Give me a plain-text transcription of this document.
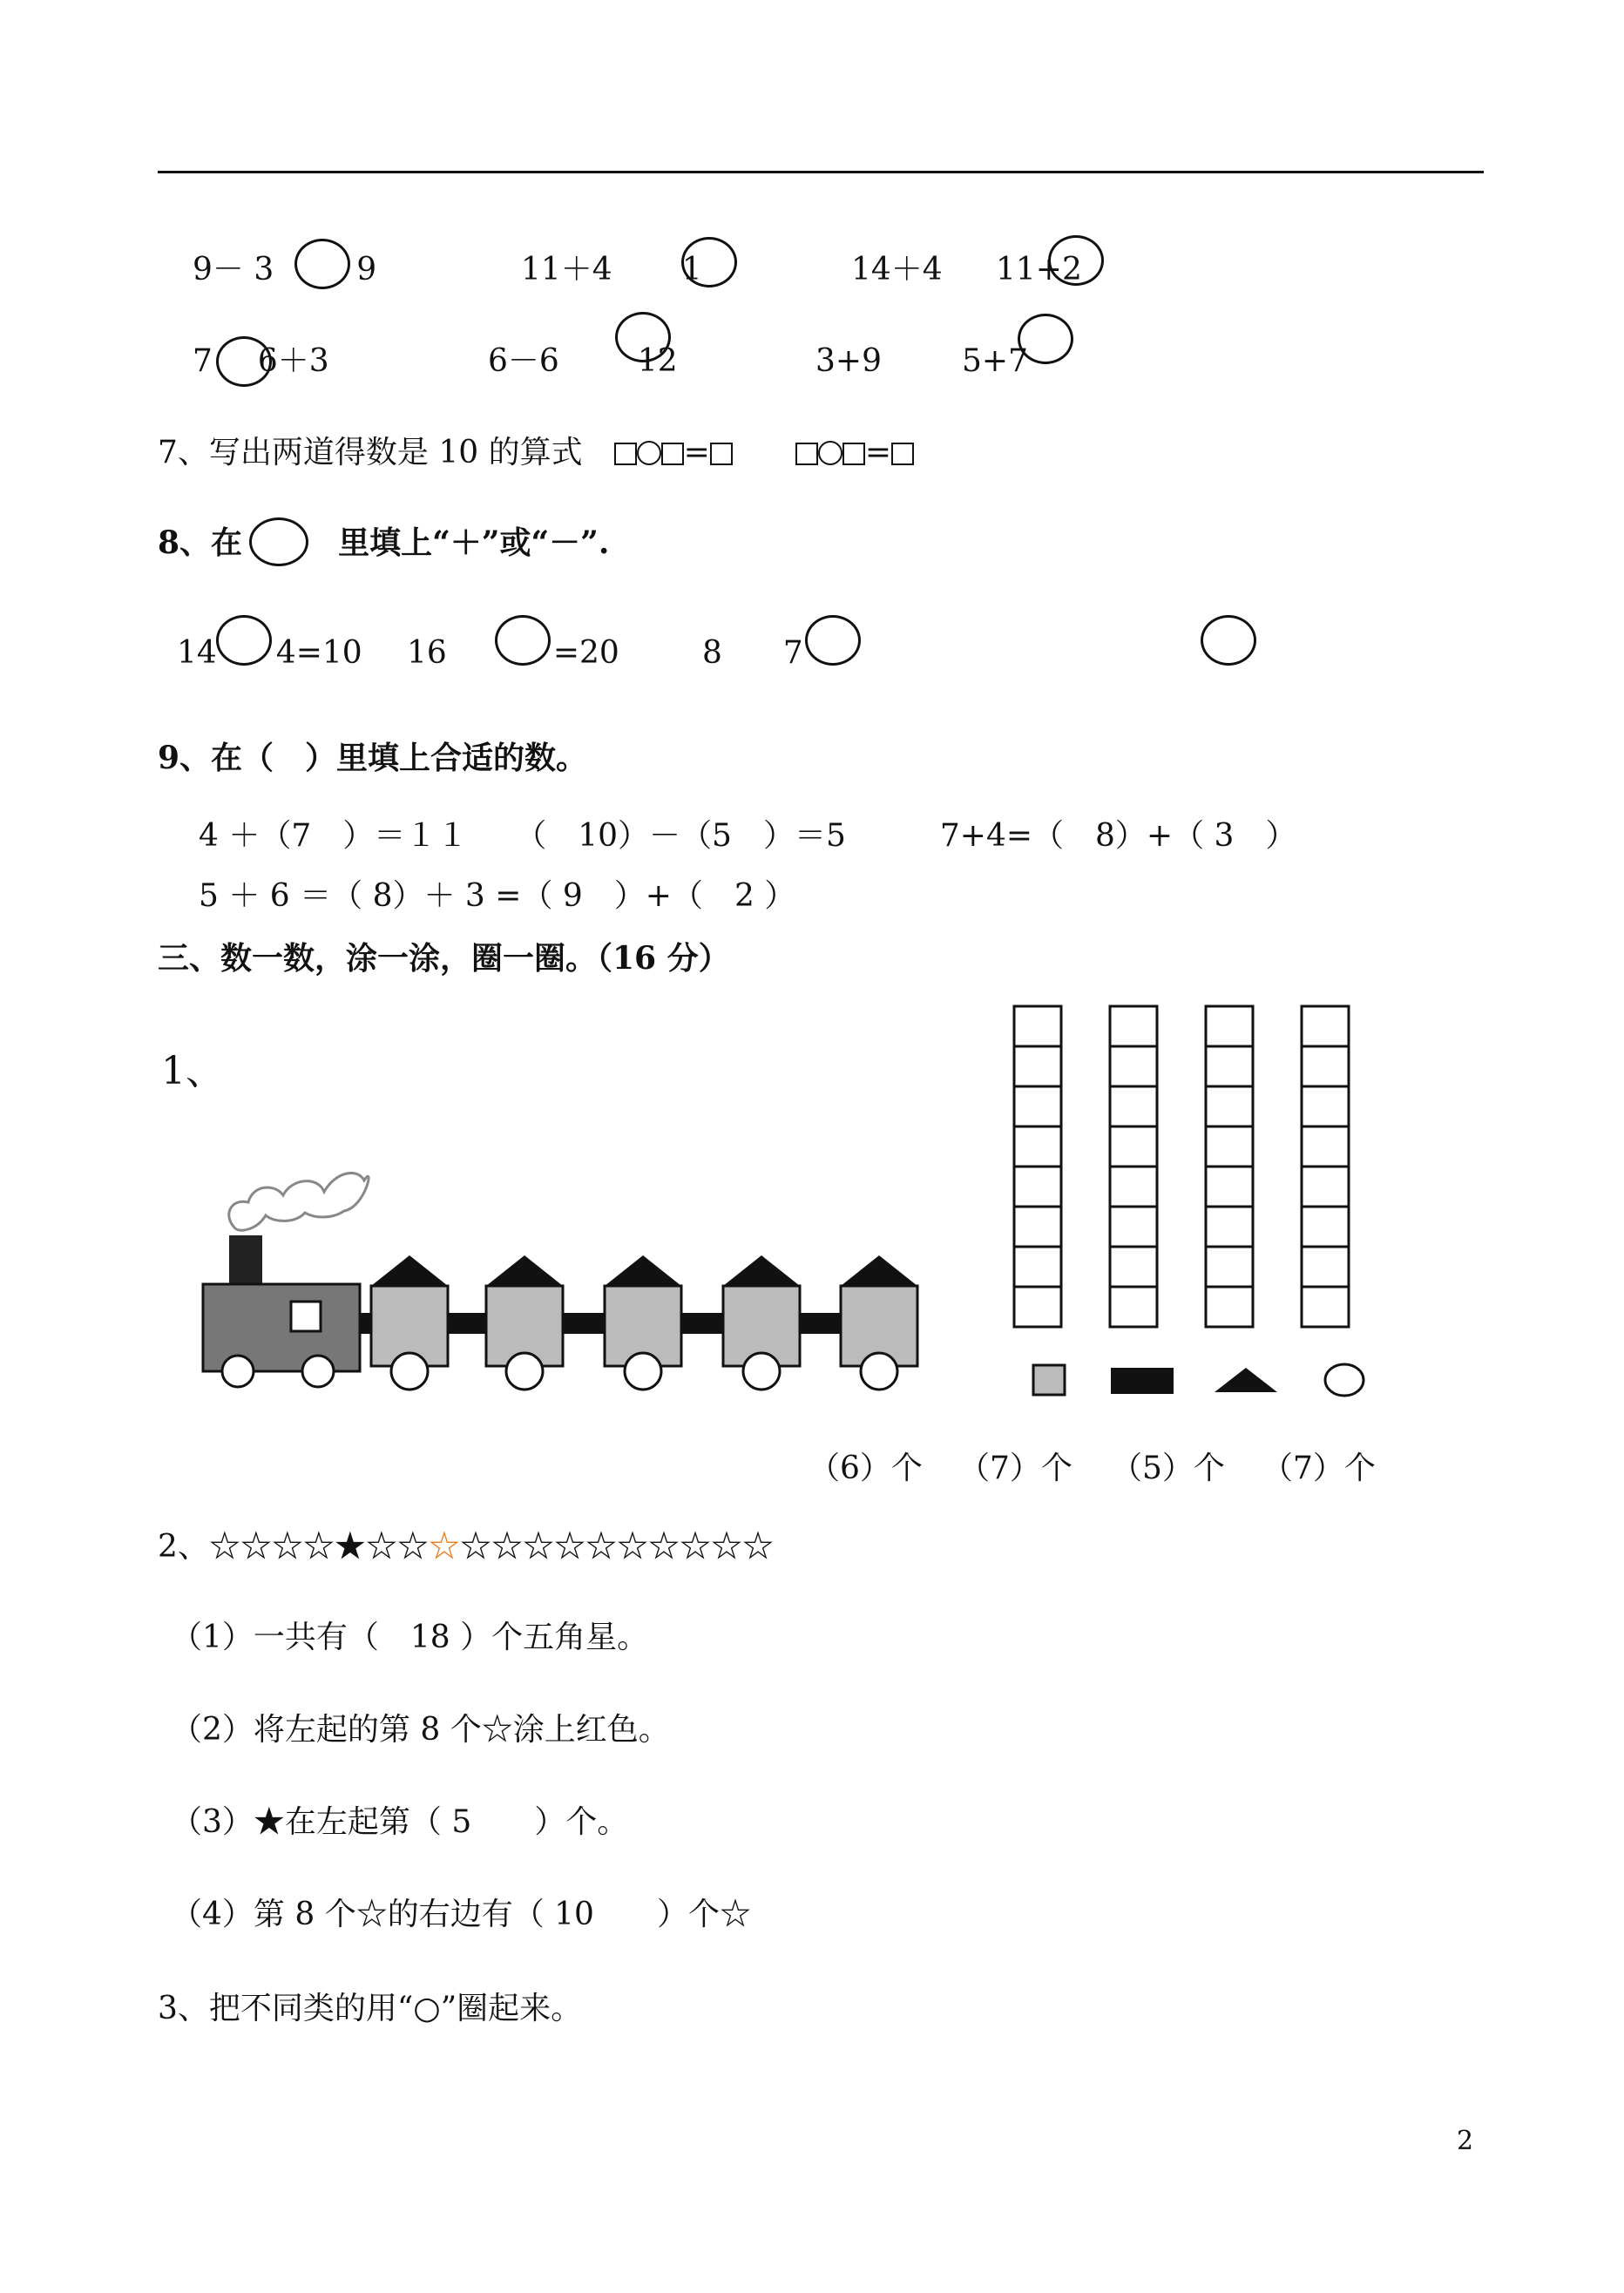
9－ 3	9	11＋4 1	14＋4 11+2
7 6＋3	6－6	12	3+9	5+7
7、写出两道得数是 10 的算式　	=　　	=
8、在	里填上“＋”或“－”.
14 4=10 16	=20	8 7
9、在（　）里填上合适的数。
4 ＋（7　）＝１１　　（　10）－（5　）＝5　　　7+4=（　8）+（ 3　）
5 ＋ 6 ＝（ 8）＋ 3 =（ 9　）+（　2 ）
三、数一数，涂一涂，圈一圈。（16 分）
1、
（6）个 （7）个 （5）个 （7）个
2、☆☆☆☆★☆☆☆☆☆☆☆☆☆☆☆☆☆
（1）一共有（　18 ）个五角星。
（2）将左起的第 8 个☆涂上红色。
（3）★在左起第（ 5　　）个。
（4）第 8 个☆的右边有（ 10　　）个☆
3、把不同类的用“○”圈起来。
2
